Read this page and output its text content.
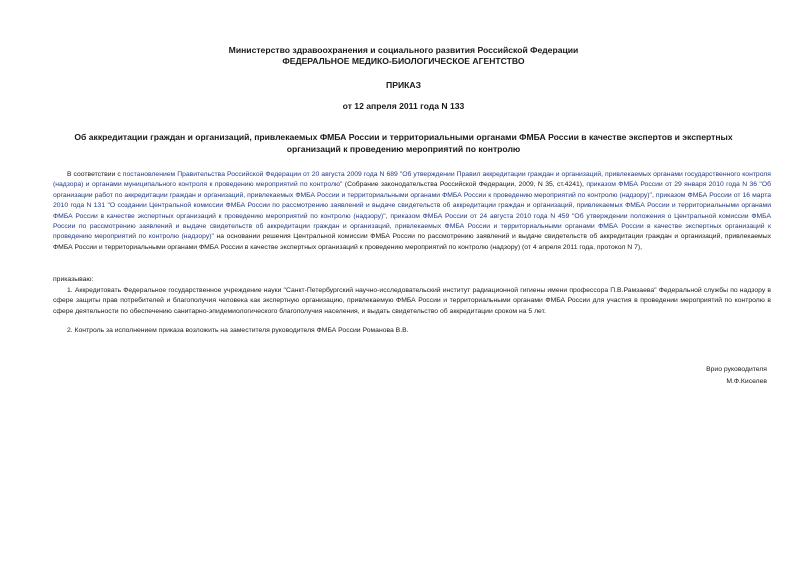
Министерство здравоохранения и социального развития Российской Федерации
ФЕДЕРАЛЬНОЕ МЕДИКО-БИОЛОГИЧЕСКОЕ АГЕНТСТВО
ПРИКАЗ
от 12 апреля 2011 года N 133
Об аккредитации граждан и организаций, привлекаемых ФМБА России и территориальными органами ФМБА России в качестве экспертов и экспертных организаций к проведению мероприятий по контролю

В соответствии с постановлением Правительства Российской Федерации от 20 августа 2009 года N 689 "Об утверждении Правил аккредитации граждан и организаций, привлекаемых органами государственного контроля (надзора) и органами муниципального контроля к проведению мероприятий по контролю" (Собрание законодательства Российской Федерации, 2009, N 35, ст.4241), приказом ФМБА России от 29 января 2010 года N 36 "Об организации работ по аккредитации граждан и организаций, привлекаемых ФМБА России и территориальными органами ФМБА России к проведению мероприятий по контролю (надзору)", приказом ФМБА России от 16 марта 2010 года N 131 "О создании Центральной комиссии ФМБА России по рассмотрению заявлений и выдаче свидетельств об аккредитации граждан и организаций, привлекаемых ФМБА России и территориальными органами ФМБА России в качестве экспертных организаций к проведению мероприятий по контролю (надзору)", приказом ФМБА России от 24 августа 2010 года N 459 "Об утверждении положения о Центральной комиссии ФМБА России по рассмотрению заявлений и выдаче свидетельств об аккредитации граждан и организаций, привлекаемых ФМБА России и территориальными органами ФМБА России в качестве экспертных организаций к проведению мероприятий по контролю (надзору)" на основании решения Центральной комиссии ФМБА России по рассмотрению заявлений и выдаче свидетельств об аккредитации граждан и организаций, привлекаемых ФМБА России и территориальными органами ФМБА России в качестве экспертных организаций к проведению мероприятий по контролю (надзору) (от 4 апреля 2011 года, протокол N 7),

приказываю:

1. Аккредитовать Федеральное государственное учреждение науки "Санкт-Петербургский научно-исследовательский институт радиационной гигиены имени профессора П.В.Рамзаева" Федеральной службы по надзору в сфере защиты прав потребителей и благополучия человека как экспертную организацию, привлекаемую ФМБА России и территориальными органами ФМБА России для участия в проведении мероприятий по контролю в сфере деятельности по обеспечению санитарно-эпидемиологического благополучия населения, и выдать свидетельство об аккредитации сроком на 5 лет.

2. Контроль за исполнением приказа возложить на заместителя руководителя ФМБА России Романова В.В.

Врио руководителя
М.Ф.Киселев
